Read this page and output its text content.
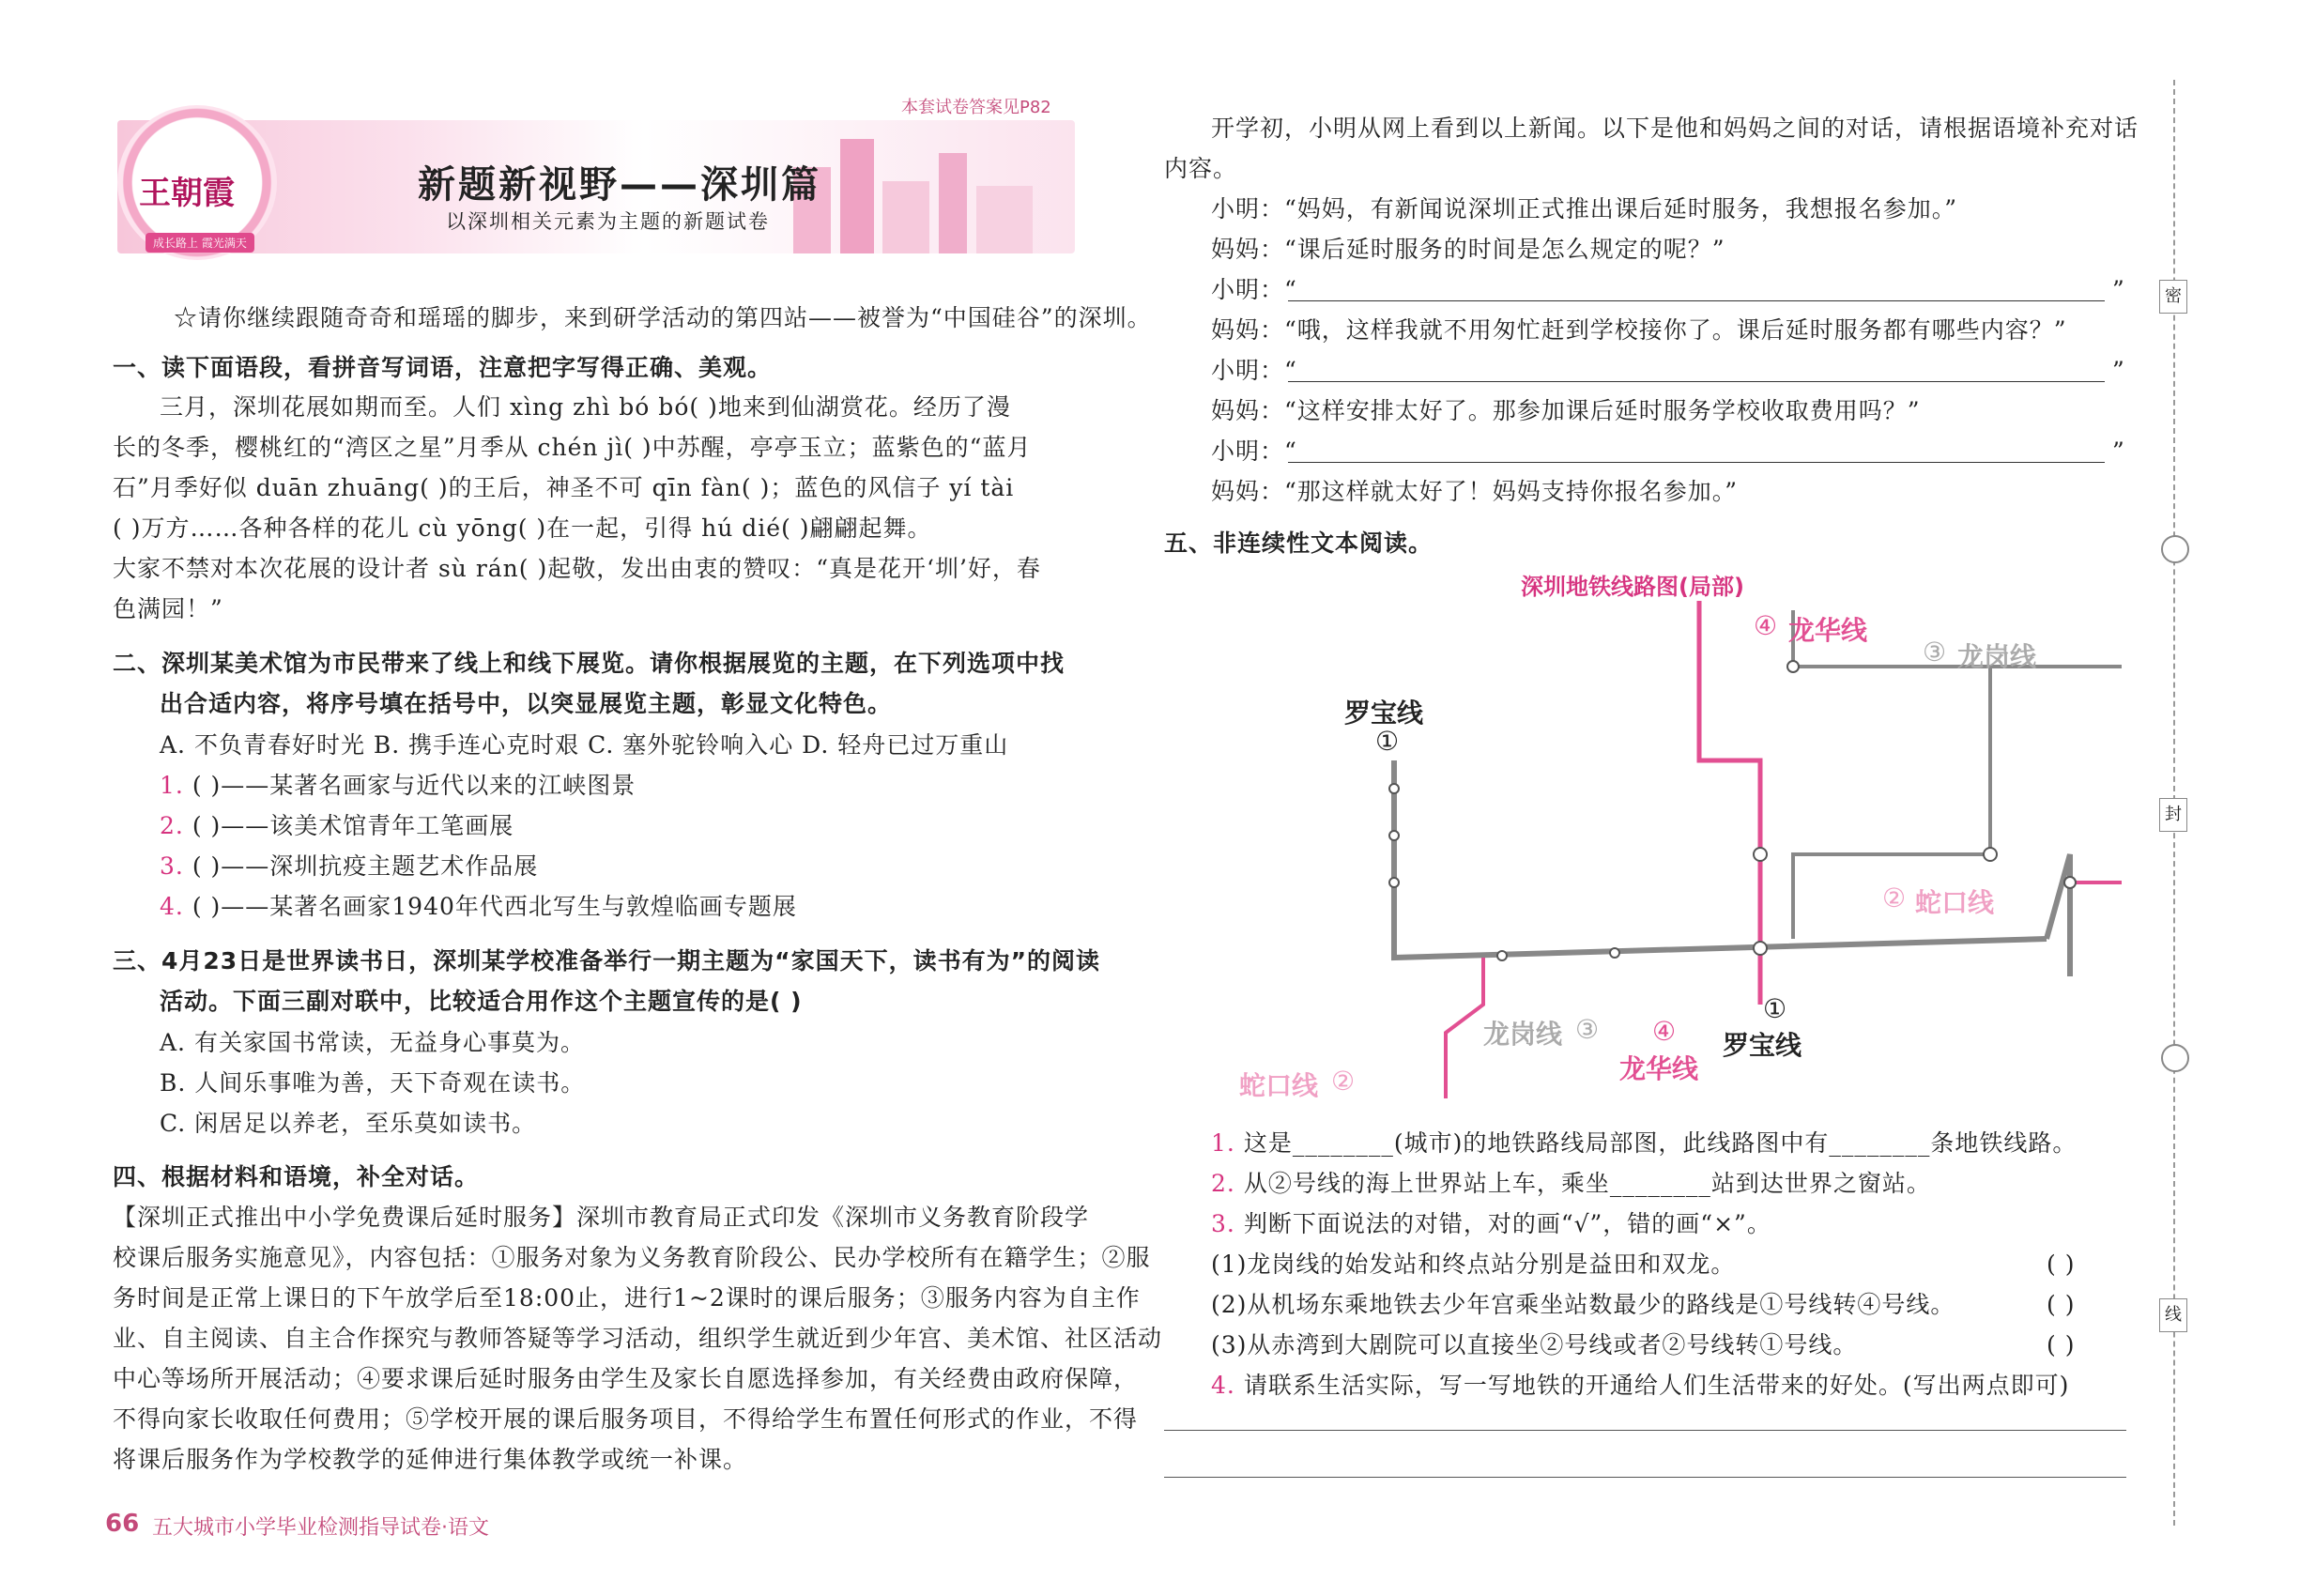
本套试卷答案见P82
王朝霞
成长路上 霞光满天
新题新视野——深圳篇
以深圳相关元素为主题的新题试卷
☆请你继续跟随奇奇和瑶瑶的脚步，来到研学活动的第四站——被誉为“中国硅谷”的深圳。
一、读下面语段，看拼音写词语，注意把字写得正确、美观。
三月，深圳花展如期而至。人们 xìng zhì bó bó( )地来到仙湖赏花。经历了漫
长的冬季，樱桃红的“湾区之星”月季从 chén jì( )中苏醒，亭亭玉立；蓝紫色的“蓝月
石”月季好似 duān zhuāng( )的王后，神圣不可 qīn fàn( )；蓝色的风信子 yí tài
( )万方……各种各样的花儿 cù yōng( )在一起，引得 hú dié( )翩翩起舞。
大家不禁对本次花展的设计者 sù rán( )起敬，发出由衷的赞叹：“真是花开‘圳’好，春
色满园！”
二、深圳某美术馆为市民带来了线上和线下展览。请你根据展览的主题，在下列选项中找
出合适内容，将序号填在括号中，以突显展览主题，彰显文化特色。
A. 不负青春好时光 B. 携手连心克时艰 C. 塞外驼铃响入心 D. 轻舟已过万重山
1. ( )——某著名画家与近代以来的江峡图景
2. ( )——该美术馆青年工笔画展
3. ( )——深圳抗疫主题艺术作品展
4. ( )——某著名画家1940年代西北写生与敦煌临画专题展
三、4月23日是世界读书日，深圳某学校准备举行一期主题为“家国天下，读书有为”的阅读
活动。下面三副对联中，比较适合用作这个主题宣传的是( )
A. 有关家国书常读，无益身心事莫为。
B. 人间乐事唯为善，天下奇观在读书。
C. 闲居足以养老，至乐莫如读书。
四、根据材料和语境，补全对话。
【深圳正式推出中小学免费课后延时服务】深圳市教育局正式印发《深圳市义务教育阶段学
校课后服务实施意见》，内容包括：①服务对象为义务教育阶段公、民办学校所有在籍学生；②服
务时间是正常上课日的下午放学后至18:00止，进行1~2课时的课后服务；③服务内容为自主作
业、自主阅读、自主合作探究与教师答疑等学习活动，组织学生就近到少年宫、美术馆、社区活动
中心等场所开展活动；④要求课后延时服务由学生及家长自愿选择参加，有关经费由政府保障，
不得向家长收取任何费用；⑤学校开展的课后服务项目，不得给学生布置任何形式的作业，不得
将课后服务作为学校教学的延伸进行集体教学或统一补课。
66 五大城市小学毕业检测指导试卷·语文
开学初，小明从网上看到以上新闻。以下是他和妈妈之间的对话，请根据语境补充对话
内容。
小明：“妈妈，有新闻说深圳正式推出课后延时服务，我想报名参加。”
妈妈：“课后延时服务的时间是怎么规定的呢？”
小明：“	”
妈妈：“哦，这样我就不用匆忙赶到学校接你了。课后延时服务都有哪些内容？”
小明：“	”
妈妈：“这样安排太好了。那参加课后延时服务学校收取费用吗？”
小明：“	”
妈妈：“那这样就太好了！妈妈支持你报名参加。”
五、非连续性文本阅读。
深圳地铁线路图(局部)
罗宝线
①
①
罗宝线
蛇口线 ②
② 蛇口线
龙岗线 ③
③ 龙岗线
④ 龙华线
④
龙华线
1. 这是________(城市)的地铁路线局部图，此线路图中有________条地铁线路。
2. 从②号线的海上世界站上车，乘坐________站到达世界之窗站。
3. 判断下面说法的对错，对的画“√”，错的画“×”。
(1)龙岗线的始发站和终点站分别是益田和双龙。	( )
(2)从机场东乘地铁去少年宫乘坐站数最少的路线是①号线转④号线。	( )
(3)从赤湾到大剧院可以直接坐②号线或者②号线转①号线。	( )
4. 请联系生活实际，写一写地铁的开通给人们生活带来的好处。(写出两点即可)
密
封
线
